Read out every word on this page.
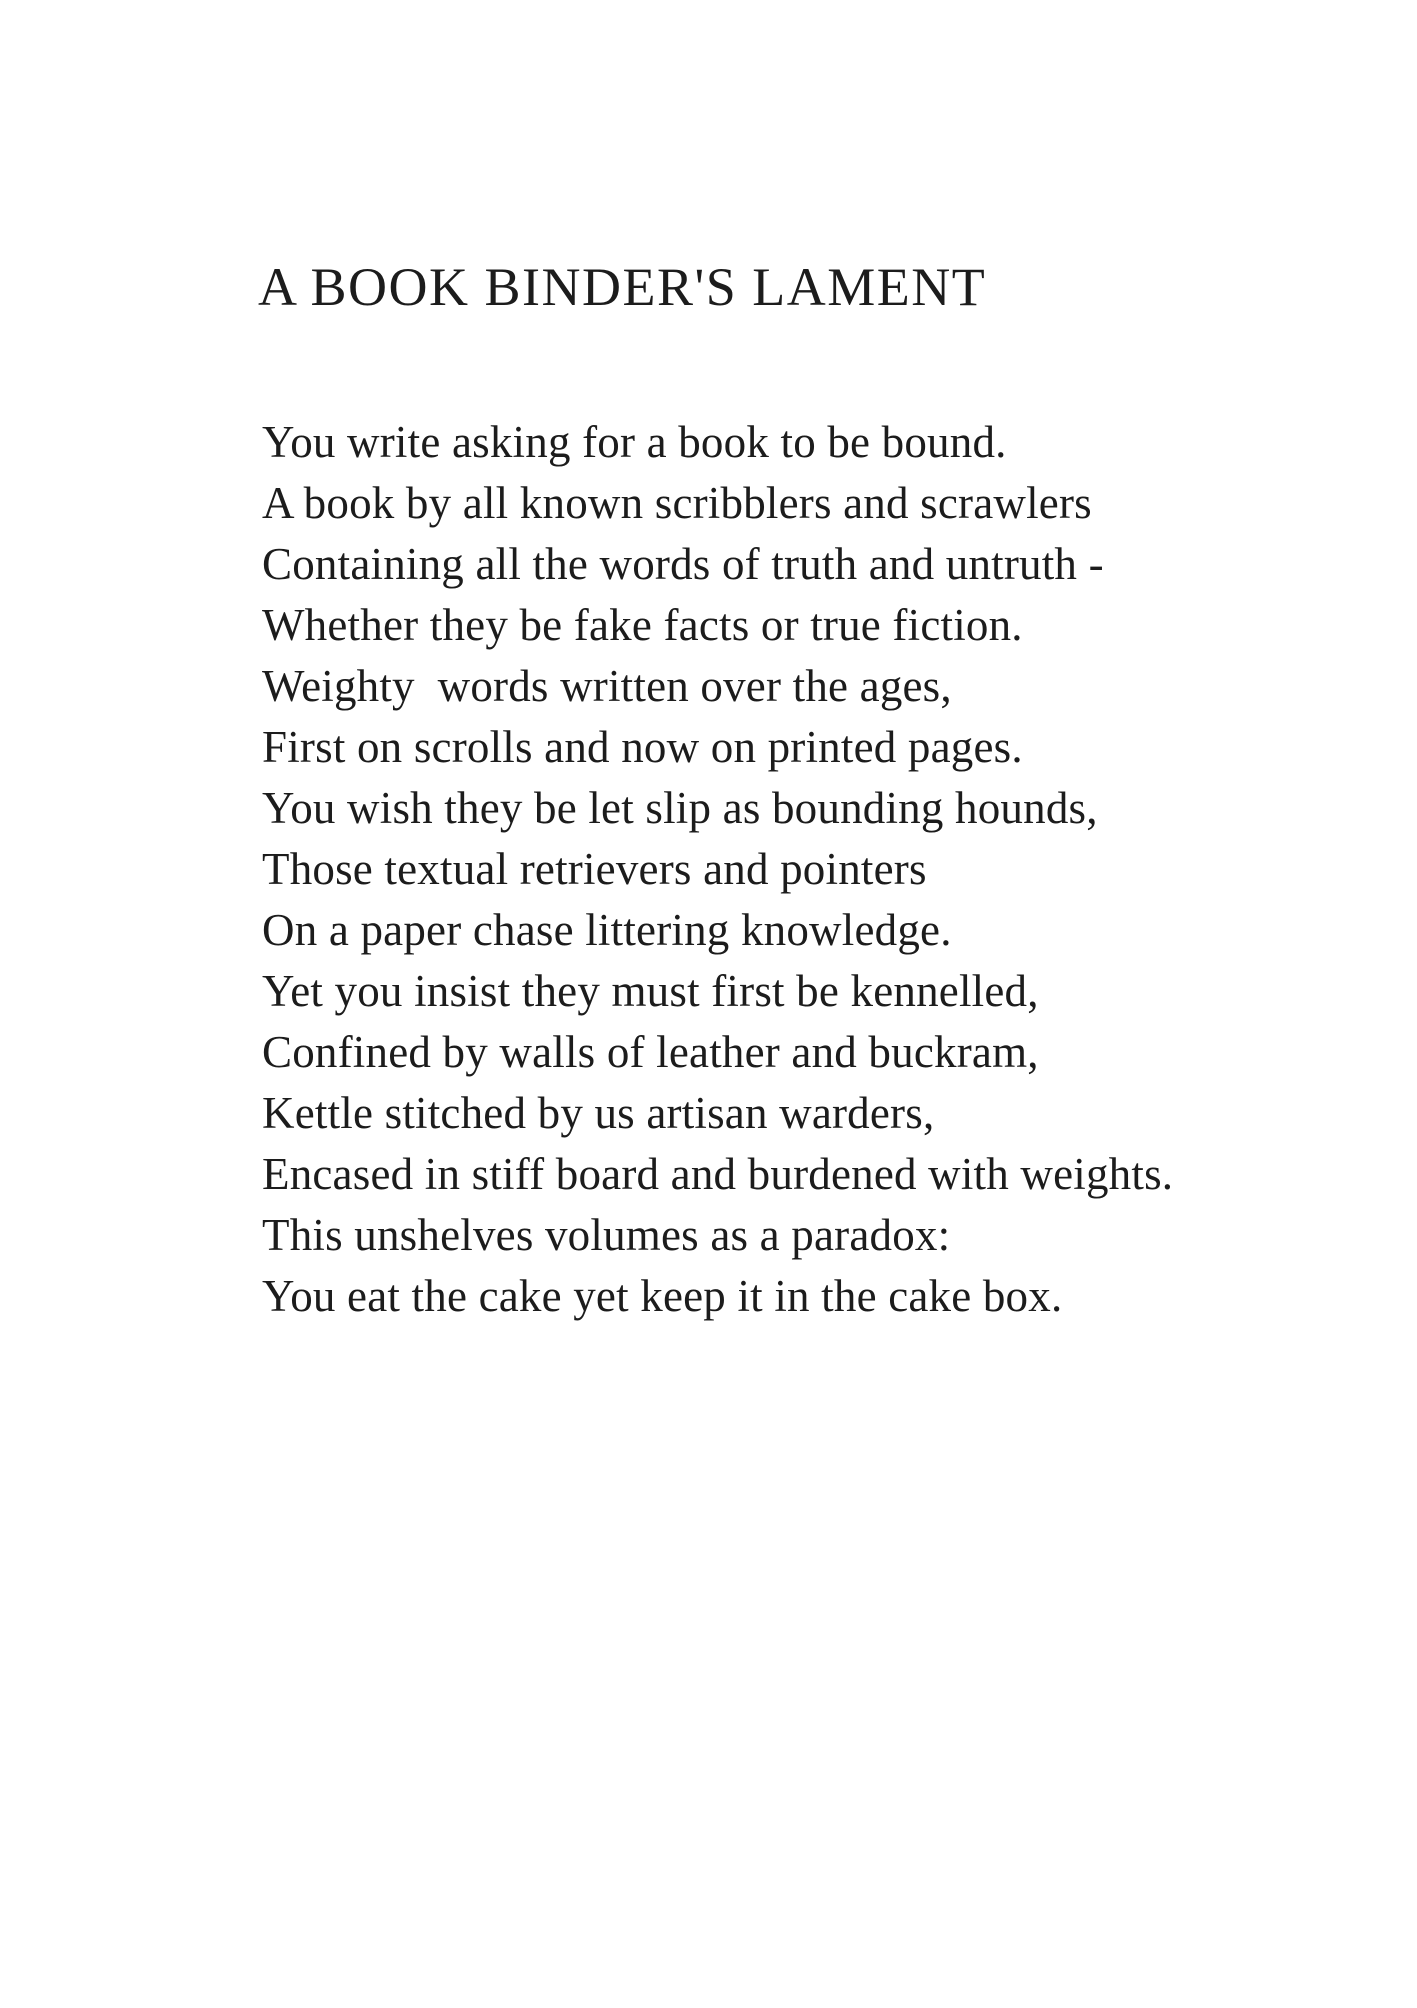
A BOOK BINDER'S LAMENT

You write asking for a book to be bound.

A book by all known scribblers and scrawlers

Containing all the words of truth and untruth -

Whether they be fake facts or true fiction.

Weighty  words written over the ages,

First on scrolls and now on printed pages.

You wish they be let slip as bounding hounds,

Those textual retrievers and pointers

On a paper chase littering knowledge.

Yet you insist they must first be kennelled,

Confined by walls of leather and buckram,

Kettle stitched by us artisan warders,

Encased in stiff board and burdened with weights.

This unshelves volumes as a paradox:

You eat the cake yet keep it in the cake box.
